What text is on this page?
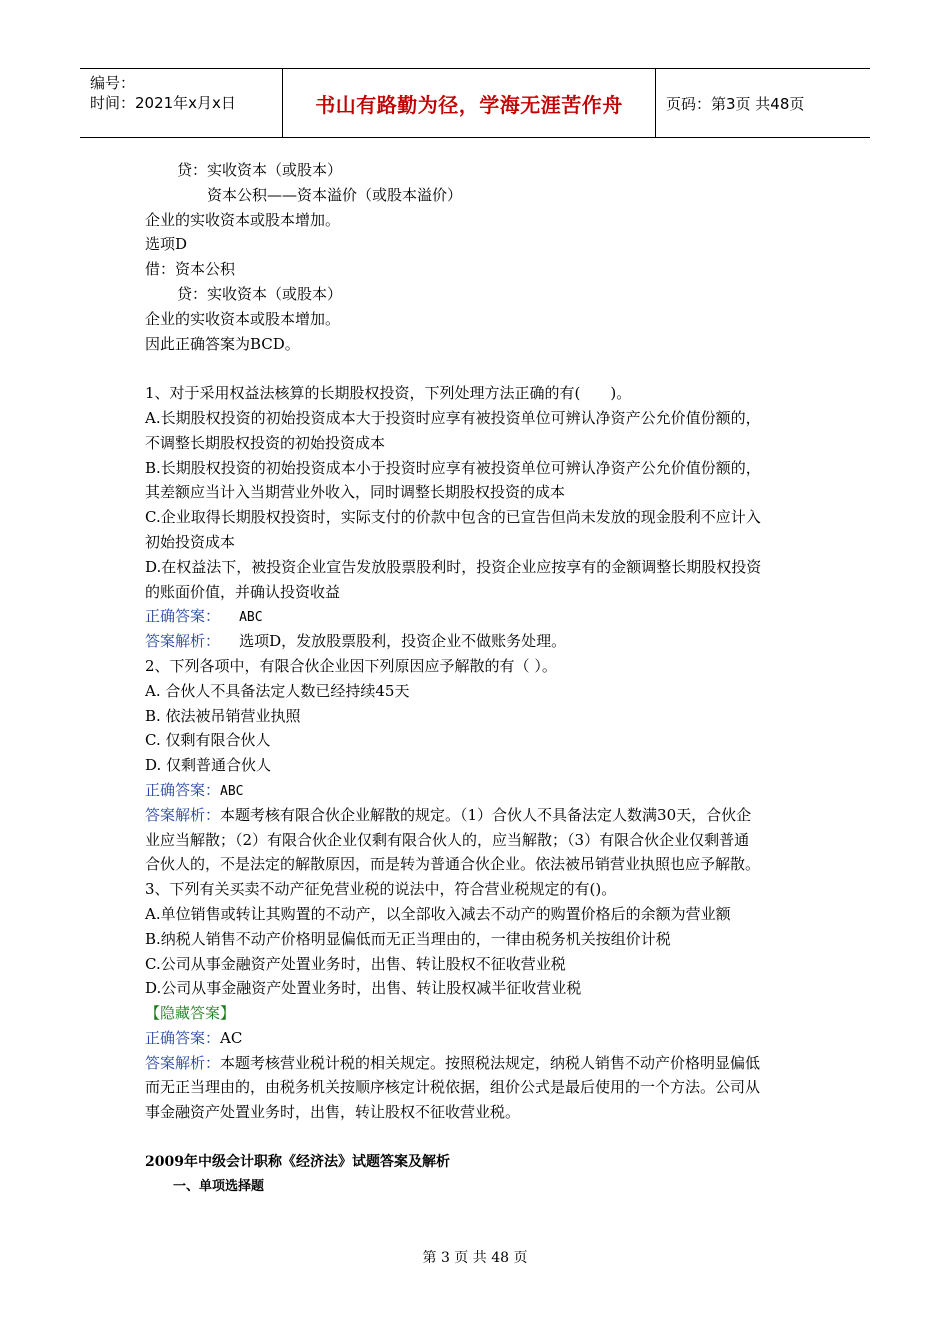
编号：
时间：2021年x月x日	书山有路勤为径，学海无涯苦作舟	页码：第3页 共48页
贷：实收资本（或股本）
资本公积——资本溢价（或股本溢价）
企业的实收资本或股本增加。
选项D
借：资本公积
贷：实收资本（或股本）
企业的实收资本或股本增加。
因此正确答案为BCD。
1、对于采用权益法核算的长期股权投资，下列处理方法正确的有(　　)。
A.长期股权投资的初始投资成本大于投资时应享有被投资单位可辨认净资产公允价值份额的，
不调整长期股权投资的初始投资成本
B.长期股权投资的初始投资成本小于投资时应享有被投资单位可辨认净资产公允价值份额的，
其差额应当计入当期营业外收入，同时调整长期股权投资的成本
C.企业取得长期股权投资时，实际支付的价款中包含的已宣告但尚未发放的现金股利不应计入
初始投资成本
D.在权益法下，被投资企业宣告发放股票股利时，投资企业应按享有的金额调整长期股权投资
的账面价值，并确认投资收益
正确答案： ABC
答案解析： 选项D，发放股票股利，投资企业不做账务处理。
2、下列各项中，有限合伙企业因下列原因应予解散的有（ ）。
A. 合伙人不具备法定人数已经持续45天
B. 依法被吊销营业执照
C. 仅剩有限合伙人
D. 仅剩普通合伙人
正确答案：ABC
答案解析：本题考核有限合伙企业解散的规定。（1）合伙人不具备法定人数满30天，合伙企
业应当解散；（2）有限合伙企业仅剩有限合伙人的，应当解散；（3）有限合伙企业仅剩普通
合伙人的，不是法定的解散原因，而是转为普通合伙企业。依法被吊销营业执照也应予解散。
3、下列有关买卖不动产征免营业税的说法中，符合营业税规定的有()。
A.单位销售或转让其购置的不动产，以全部收入减去不动产的购置价格后的余额为营业额
B.纳税人销售不动产价格明显偏低而无正当理由的，一律由税务机关按组价计税
C.公司从事金融资产处置业务时，出售、转让股权不征收营业税
D.公司从事金融资产处置业务时，出售、转让股权减半征收营业税
【隐藏答案】
正确答案：AC
答案解析：本题考核营业税计税的相关规定。按照税法规定，纳税人销售不动产价格明显偏低
而无正当理由的，由税务机关按顺序核定计税依据，组价公式是最后使用的一个方法。公司从
事金融资产处置业务时，出售，转让股权不征收营业税。
2009年中级会计职称《经济法》试题答案及解析
一、单项选择题
第 3 页 共 48 页
